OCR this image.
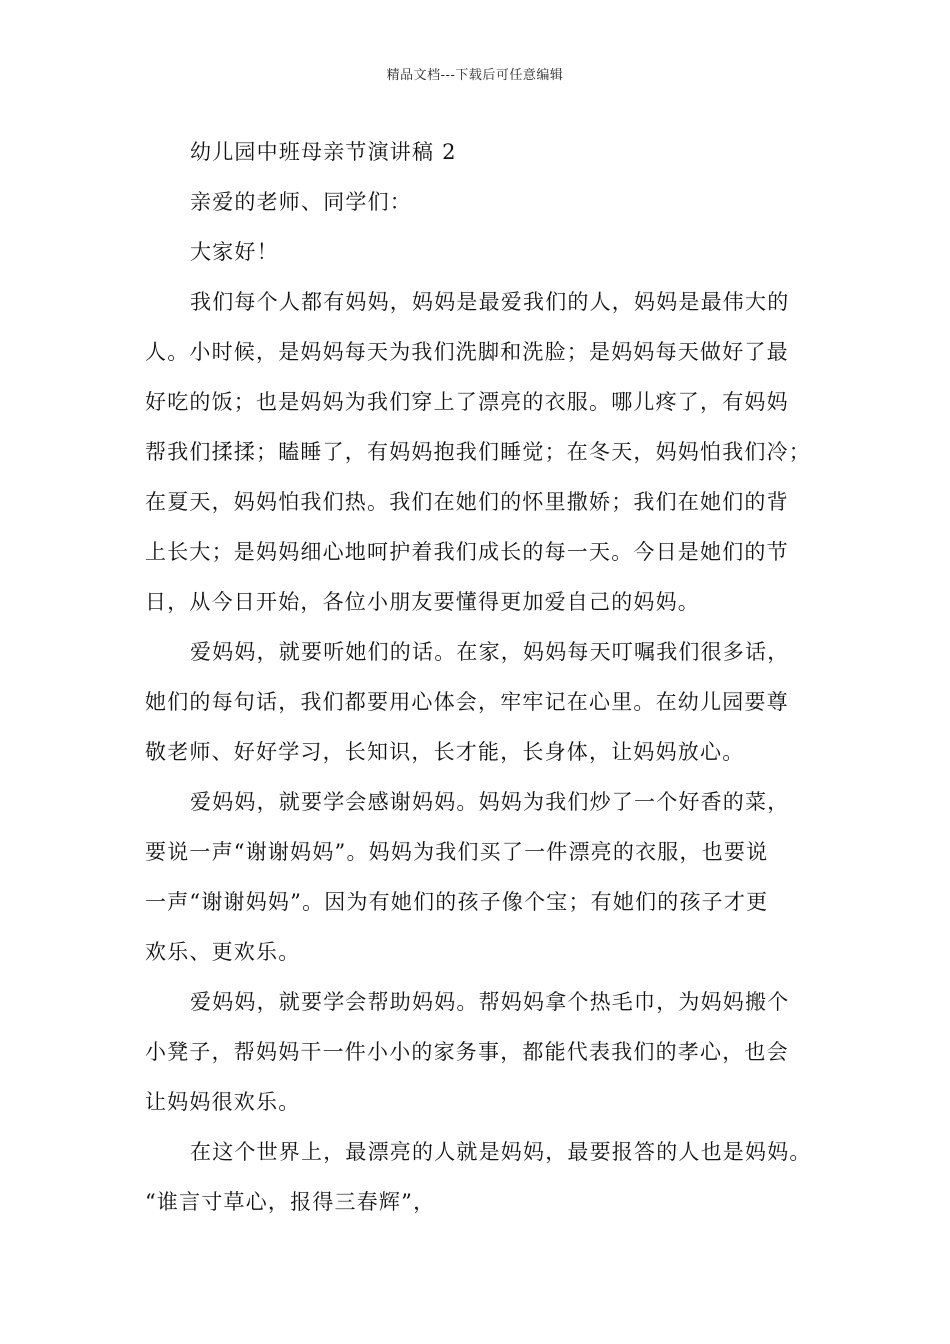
精品文档---下载后可任意编辑
幼儿园中班母亲节演讲稿 2
亲爱的老师、同学们：
大家好！
我们每个人都有妈妈，妈妈是最爱我们的人，妈妈是最伟大的
人。小时候，是妈妈每天为我们洗脚和洗脸；是妈妈每天做好了最
好吃的饭；也是妈妈为我们穿上了漂亮的衣服。哪儿疼了，有妈妈
帮我们揉揉；瞌睡了，有妈妈抱我们睡觉；在冬天，妈妈怕我们冷；
在夏天，妈妈怕我们热。我们在她们的怀里撒娇；我们在她们的背
上长大；是妈妈细心地呵护着我们成长的每一天。今日是她们的节
日，从今日开始，各位小朋友要懂得更加爱自己的妈妈。
爱妈妈，就要听她们的话。在家，妈妈每天叮嘱我们很多话，
她们的每句话，我们都要用心体会，牢牢记在心里。在幼儿园要尊
敬老师、好好学习，长知识，长才能，长身体，让妈妈放心。
爱妈妈，就要学会感谢妈妈。妈妈为我们炒了一个好香的菜，
要说一声“谢谢妈妈”。妈妈为我们买了一件漂亮的衣服，也要说
一声“谢谢妈妈”。因为有她们的孩子像个宝；有她们的孩子才更
欢乐、更欢乐。
爱妈妈，就要学会帮助妈妈。帮妈妈拿个热毛巾，为妈妈搬个
小凳子，帮妈妈干一件小小的家务事，都能代表我们的孝心，也会
让妈妈很欢乐。
在这个世界上，最漂亮的人就是妈妈，最要报答的人也是妈妈。
“谁言寸草心，报得三春辉”，
